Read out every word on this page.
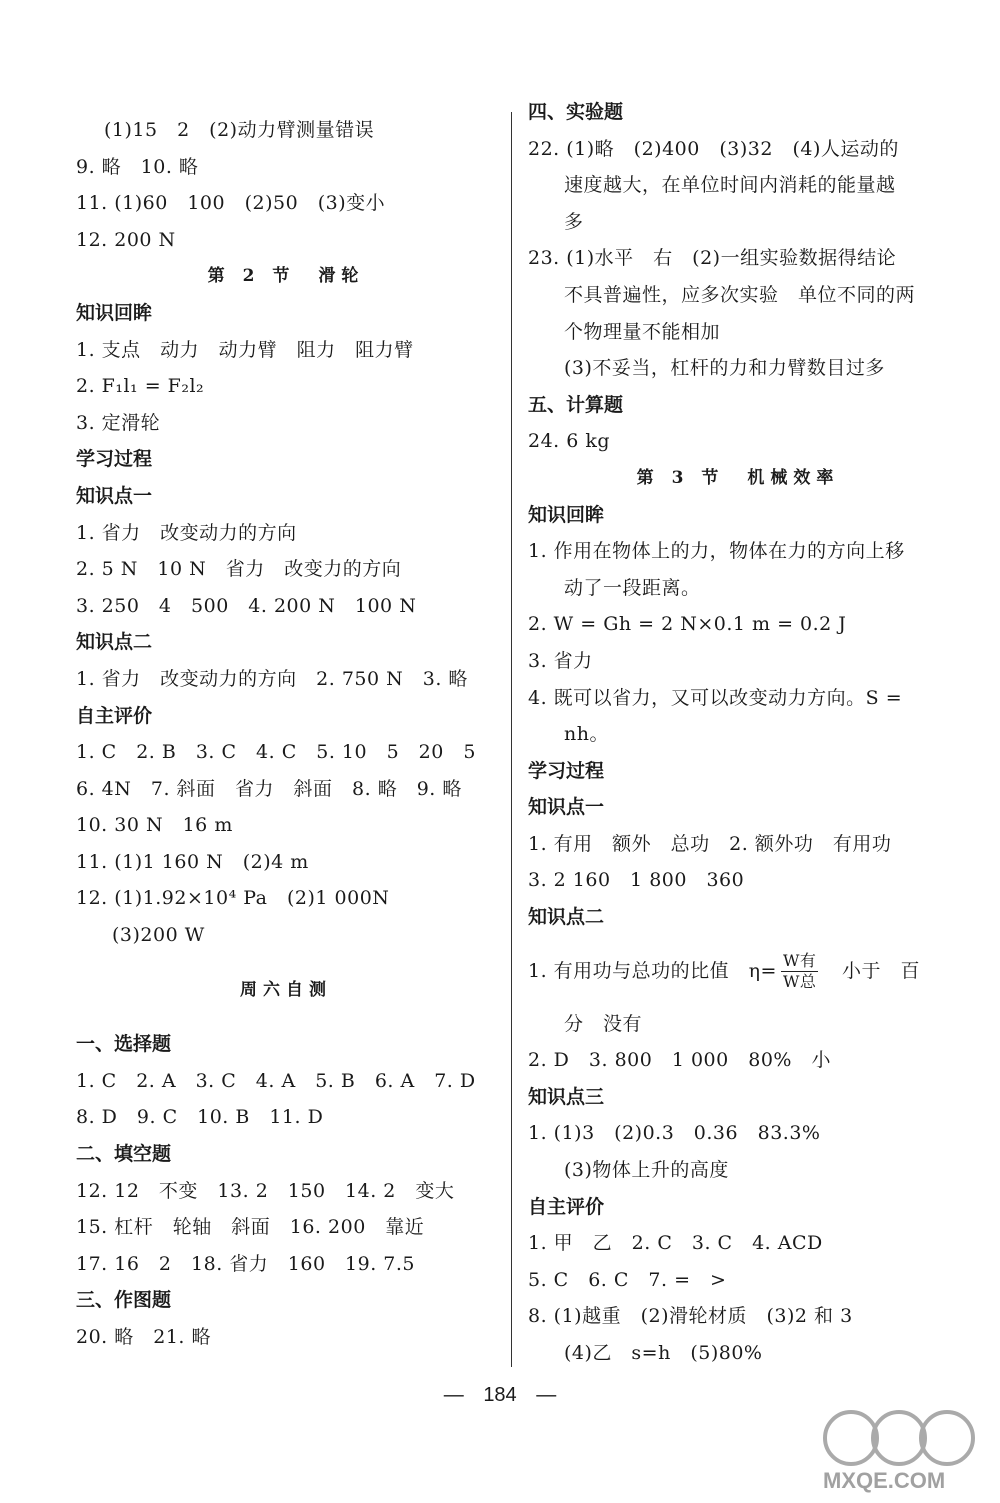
(1)15　2　(2)动力臂测量错误
9. 略　10. 略
11. (1)60　100　(2)50　(3)变小
12. 200 N
第 2 节　滑轮
知识回眸
1. 支点　动力　动力臂　阻力　阻力臂
2. F₁l₁ = F₂l₂
3. 定滑轮
学习过程
知识点一
1. 省力　改变动力的方向
2. 5 N　10 N　省力　改变力的方向
3. 250　4　500　4. 200 N　100 N
知识点二
1. 省力　改变动力的方向　2. 750 N　3. 略
自主评价
1. C　2. B　3. C　4. C　5. 10　5　20　5
6. 4N　7. 斜面　省力　斜面　8. 略　9. 略
10. 30 N　16 m
11. (1)1 160 N　(2)4 m
12. (1)1.92×10⁴ Pa　(2)1 000N
(3)200 W
周六自测
一、选择题
1. C　2. A　3. C　4. A　5. B　6. A　7. D
8. D　9. C　10. B　11. D
二、填空题
12. 12　不变　13. 2　150　14. 2　变大
15. 杠杆　轮轴　斜面　16. 200　靠近
17. 16　2　18. 省力　160　19. 7.5
三、作图题
20. 略　21. 略
四、实验题
22. (1)略　(2)400　(3)32　(4)人运动的
速度越大，在单位时间内消耗的能量越
多
23. (1)水平　右　(2)一组实验数据得结论
不具普遍性，应多次实验　单位不同的两
个物理量不能相加
(3)不妥当，杠杆的力和力臂数目过多
五、计算题
24. 6 kg
第 3 节　机械效率
知识回眸
1. 作用在物体上的力，物体在力的方向上移
动了一段距离。
2. W = Gh = 2 N×0.1 m = 0.2 J
3. 省力
4. 既可以省力，又可以改变动力方向。S =
nh。
学习过程
知识点一
1. 有用　额外　总功　2. 额外功　有用功
3. 2 160　1 800　360
知识点二
1. 有用功与总功的比值　$\eta= \frac{\text{W有}}{\text{W总}}$ 　小于　百
分　没有
2. D　3. 800　1 000　80%　小
知识点三
1. (1)3　(2)0.3　0.36　83.3%
(3)物体上升的高度
自主评价
1. 甲　乙　2. C　3. C　4. ACD
5. C　6. C　7. =　>
8. (1)越重　(2)滑轮材质　(3)2 和 3
(4)乙　s=h　(5)80%
— 184 —
MXQE.COM
